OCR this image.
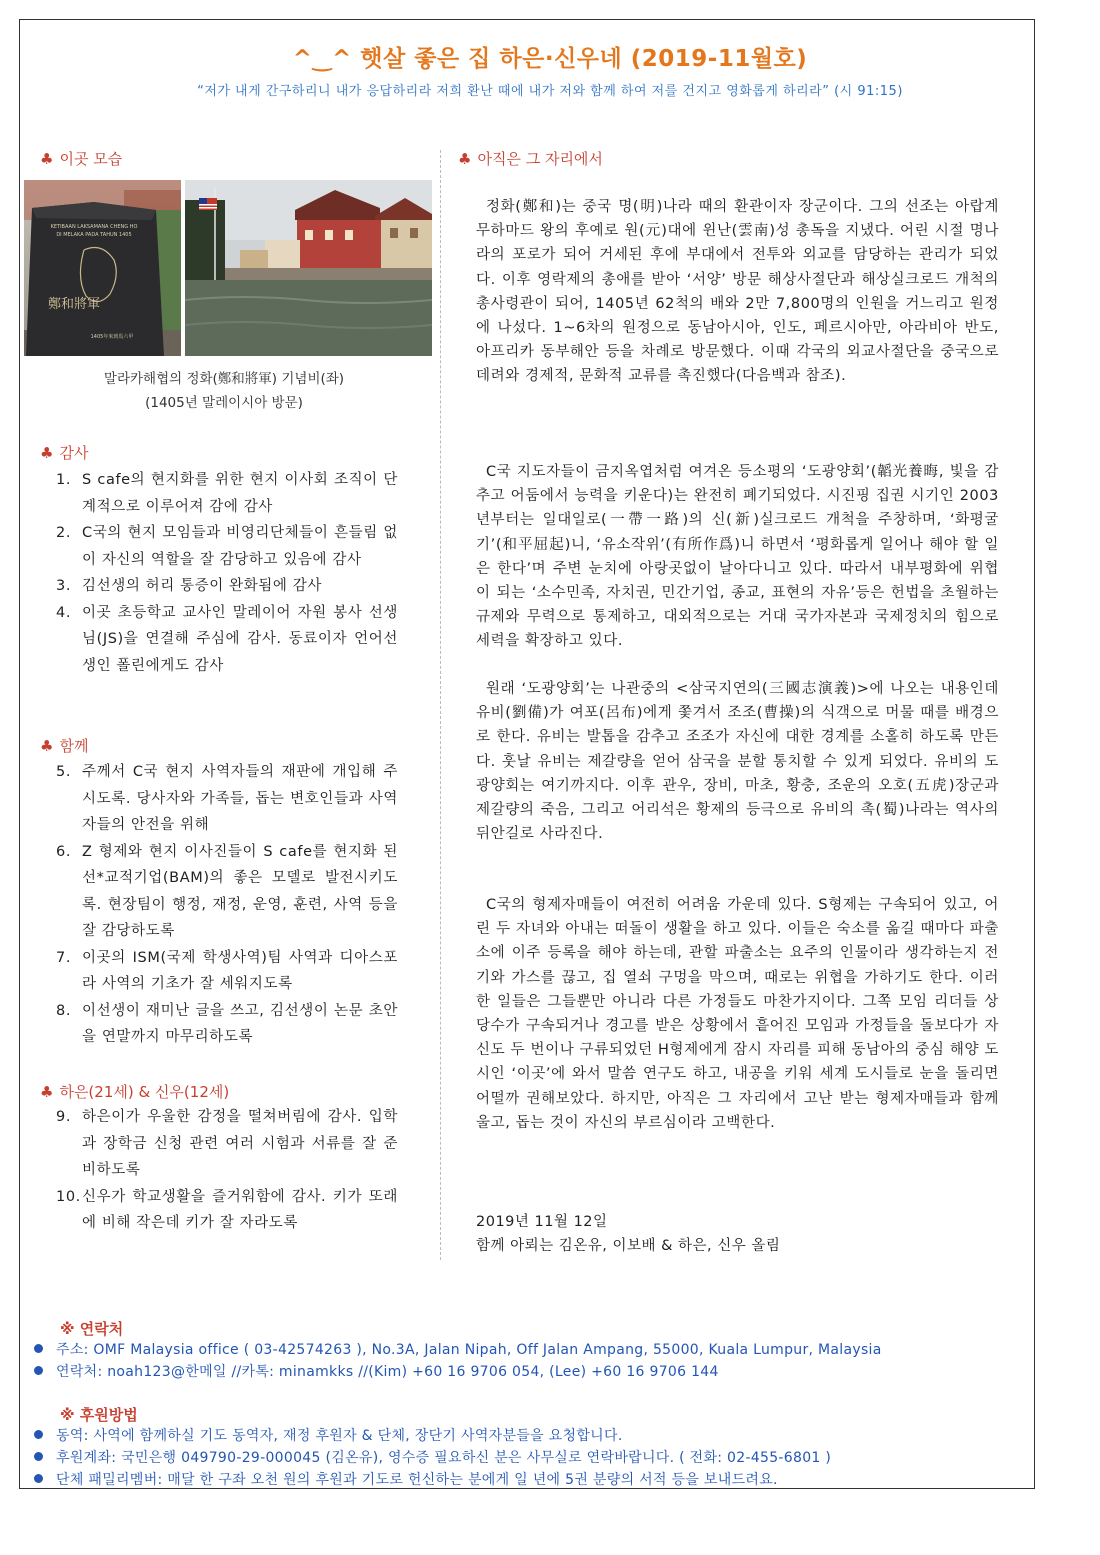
^‿^ 햇살 좋은 집 하은·신우네 (2019-11월호)
“저가 내게 간구하리니 내가 응답하리라 저희 환난 때에 내가 저와 함께 하여 저를 건지고 영화롭게 하리라” (시 91:15)
♣ 이곳 모습
KETIBAAN LAKSAMANA CHENG HO
DI MELAKA PADA TAHUN 1405
鄭和將軍
1405年來到馬六甲
말라카해협의 정화(鄭和將軍) 기념비(좌)
(1405년 말레이시아 방문)
♣ 감사
1. S cafe의 현지화를 위한 현지 이사회 조직이 단계적으로 이루어져 감에 감사
2. C국의 현지 모임들과 비영리단체들이 흔들림 없이 자신의 역할을 잘 감당하고 있음에 감사
3. 김선생의 허리 통증이 완화됨에 감사
4. 이곳 초등학교 교사인 말레이어 자원 봉사 선생님(JS)을 연결해 주심에 감사. 동료이자 언어선생인 폴린에게도 감사
♣ 함께
5. 주께서 C국 현지 사역자들의 재판에 개입해 주시도록. 당사자와 가족들, 돕는 변호인들과 사역자들의 안전을 위해
6. Z 형제와 현지 이사진들이 S cafe를 현지화 된 선*교적기업(BAM)의 좋은 모델로 발전시키도록. 현장팀이 행정, 재정, 운영, 훈련, 사역 등을 잘 감당하도록
7. 이곳의 ISM(국제 학생사역)팀 사역과 디아스포라 사역의 기초가 잘 세워지도록
8. 이선생이 재미난 글을 쓰고, 김선생이 논문 초안을 연말까지 마무리하도록
♣ 하은(21세) & 신우(12세)
9. 하은이가 우울한 감정을 떨쳐버림에 감사. 입학과 장학금 신청 관련 여러 시험과 서류를 잘 준비하도록
10. 신우가 학교생활을 즐거워함에 감사. 키가 또래에 비해 작은데 키가 잘 자라도록
♣ 아직은 그 자리에서

정화(鄭和)는 중국 명(明)나라 때의 환관이자 장군이다. 그의 선조는 아랍계 무하마드 왕의 후예로 원(元)대에 윈난(雲南)성 총독을 지냈다. 어린 시절 명나라의 포로가 되어 거세된 후에 부대에서 전투와 외교를 담당하는 관리가 되었다. 이후 영락제의 총애를 받아 ‘서양’ 방문 해상사절단과 해상실크로드 개척의 총사령관이 되어, 1405년 62척의 배와 2만 7,800명의 인원을 거느리고 원정에 나섰다. 1~6차의 원정으로 동남아시아, 인도, 페르시아만, 아라비아 반도, 아프리카 동부해안 등을 차례로 방문했다. 이때 각국의 외교사절단을 중국으로 데려와 경제적, 문화적 교류를 촉진했다(다음백과 참조).

C국 지도자들이 금지옥엽처럼 여겨온 등소평의 ‘도광양회’(韜光養晦, 빛을 감추고 어둠에서 능력을 키운다)는 완전히 폐기되었다. 시진핑 집권 시기인 2003년부터는 일대일로(一帶一路)의 신(新)실크로드 개척을 주창하며, ‘화평굴기’(和平屈起)니, ‘유소작위’(有所作爲)니 하면서 ‘평화롭게 일어나 해야 할 일은 한다’며 주변 눈치에 아랑곳없이 날아다니고 있다. 따라서 내부평화에 위협이 되는 ‘소수민족, 자치권, 민간기업, 종교, 표현의 자유’등은 헌법을 초월하는 규제와 무력으로 통제하고, 대외적으로는 거대 국가자본과 국제정치의 힘으로 세력을 확장하고 있다.

원래 ‘도광양회’는 나관중의 <삼국지연의(三國志演義)>에 나오는 내용인데 유비(劉備)가 여포(呂布)에게 쫓겨서 조조(曹操)의 식객으로 머물 때를 배경으로 한다. 유비는 발톱을 감추고 조조가 자신에 대한 경계를 소홀히 하도록 만든다. 훗날 유비는 제갈량을 얻어 삼국을 분할 통치할 수 있게 되었다. 유비의 도광양회는 여기까지다. 이후 관우, 장비, 마초, 황충, 조운의 오호(五虎)장군과 제갈량의 죽음, 그리고 어리석은 황제의 등극으로 유비의 촉(蜀)나라는 역사의 뒤안길로 사라진다.

C국의 형제자매들이 여전히 어려움 가운데 있다. S형제는 구속되어 있고, 어린 두 자녀와 아내는 떠돌이 생활을 하고 있다. 이들은 숙소를 옮길 때마다 파출소에 이주 등록을 해야 하는데, 관할 파출소는 요주의 인물이라 생각하는지 전기와 가스를 끊고, 집 열쇠 구멍을 막으며, 때로는 위협을 가하기도 한다. 이러한 일들은 그들뿐만 아니라 다른 가정들도 마찬가지이다. 그쪽 모임 리더들 상당수가 구속되거나 경고를 받은 상황에서 흩어진 모임과 가정들을 돌보다가 자신도 두 번이나 구류되었던 H형제에게 잠시 자리를 피해 동남아의 중심 해양 도시인 ‘이곳’에 와서 말씀 연구도 하고, 내공을 키워 세계 도시들로 눈을 돌리면 어떨까 권해보았다. 하지만, 아직은 그 자리에서 고난 받는 형제자매들과 함께 울고, 돕는 것이 자신의 부르심이라 고백한다.

2019년 11월 12일
함께 아뢰는 김온유, 이보배 & 하은, 신우 올림
※ 연락처
주소: OMF Malaysia office ( 03-42574263 ), No.3A, Jalan Nipah, Off Jalan Ampang, 55000, Kuala Lumpur, Malaysia
연락처: noah123@한메일 //카톡: minamkks //(Kim) +60 16 9706 054, (Lee) +60 16 9706 144
※ 후원방법
동역: 사역에 함께하실 기도 동역자, 재정 후원자 & 단체, 장단기 사역자분들을 요청합니다.
후원계좌: 국민은행 049790-29-000045 (김온유), 영수증 필요하신 분은 사무실로 연락바랍니다. ( 전화: 02-455-6801 )
단체 패밀리멤버: 매달 한 구좌 오천 원의 후원과 기도로 헌신하는 분에게 일 년에 5권 분량의 서적 등을 보내드려요.
